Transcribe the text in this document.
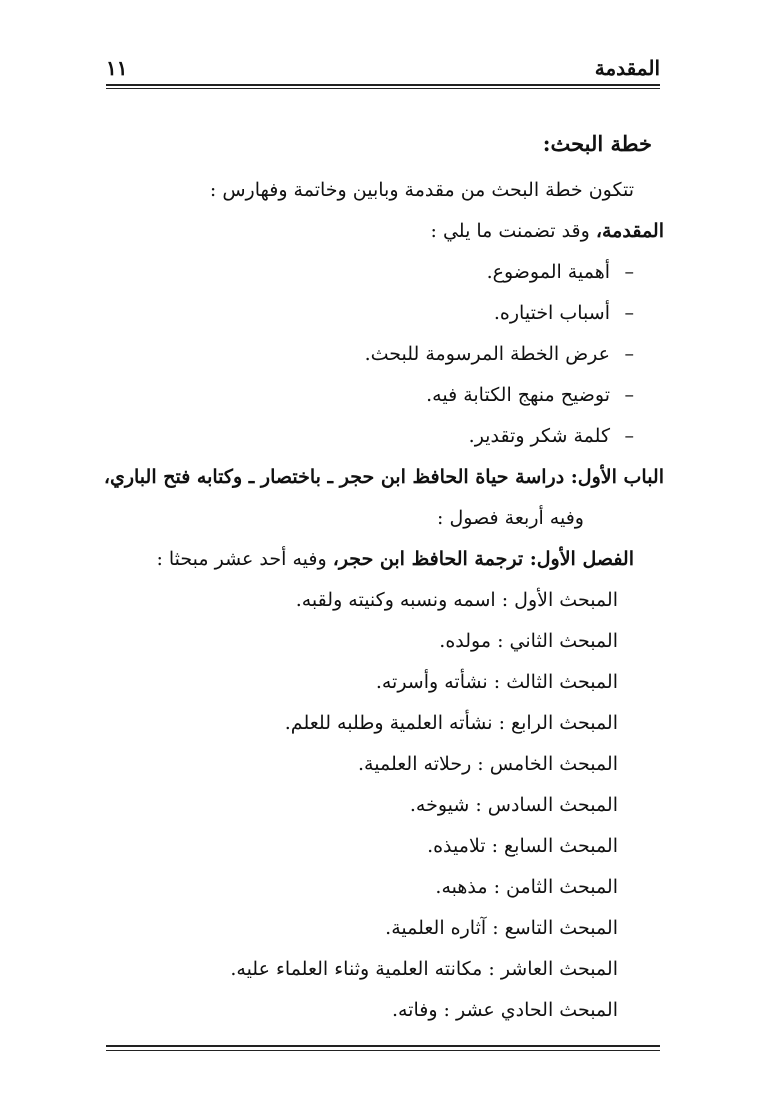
المقدمة
١١
خطة البحث:
تتكون خطة البحث من مقدمة وبابين وخاتمة وفهارس :
المقدمة، وقد تضمنت ما يلي :
–أهمية الموضوع.
–أسباب اختياره.
–عرض الخطة المرسومة للبحث.
–توضيح منهج الكتابة فيه.
–كلمة شكر وتقدير.
الباب الأول: دراسة حياة الحافظ ابن حجر ـ باختصار ـ وكتابه فتح الباري،
وفيه أربعة فصول :
الفصل الأول: ترجمة الحافظ ابن حجر، وفيه أحد عشر مبحثا :
المبحث الأول : اسمه ونسبه وكنيته ولقبه.
المبحث الثاني : مولده.
المبحث الثالث : نشأته وأسرته.
المبحث الرابع : نشأته العلمية وطلبه للعلم.
المبحث الخامس : رحلاته العلمية.
المبحث السادس : شيوخه.
المبحث السابع : تلاميذه.
المبحث الثامن : مذهبه.
المبحث التاسع : آثاره العلمية.
المبحث العاشر : مكانته العلمية وثناء العلماء عليه.
المبحث الحادي عشر : وفاته.
